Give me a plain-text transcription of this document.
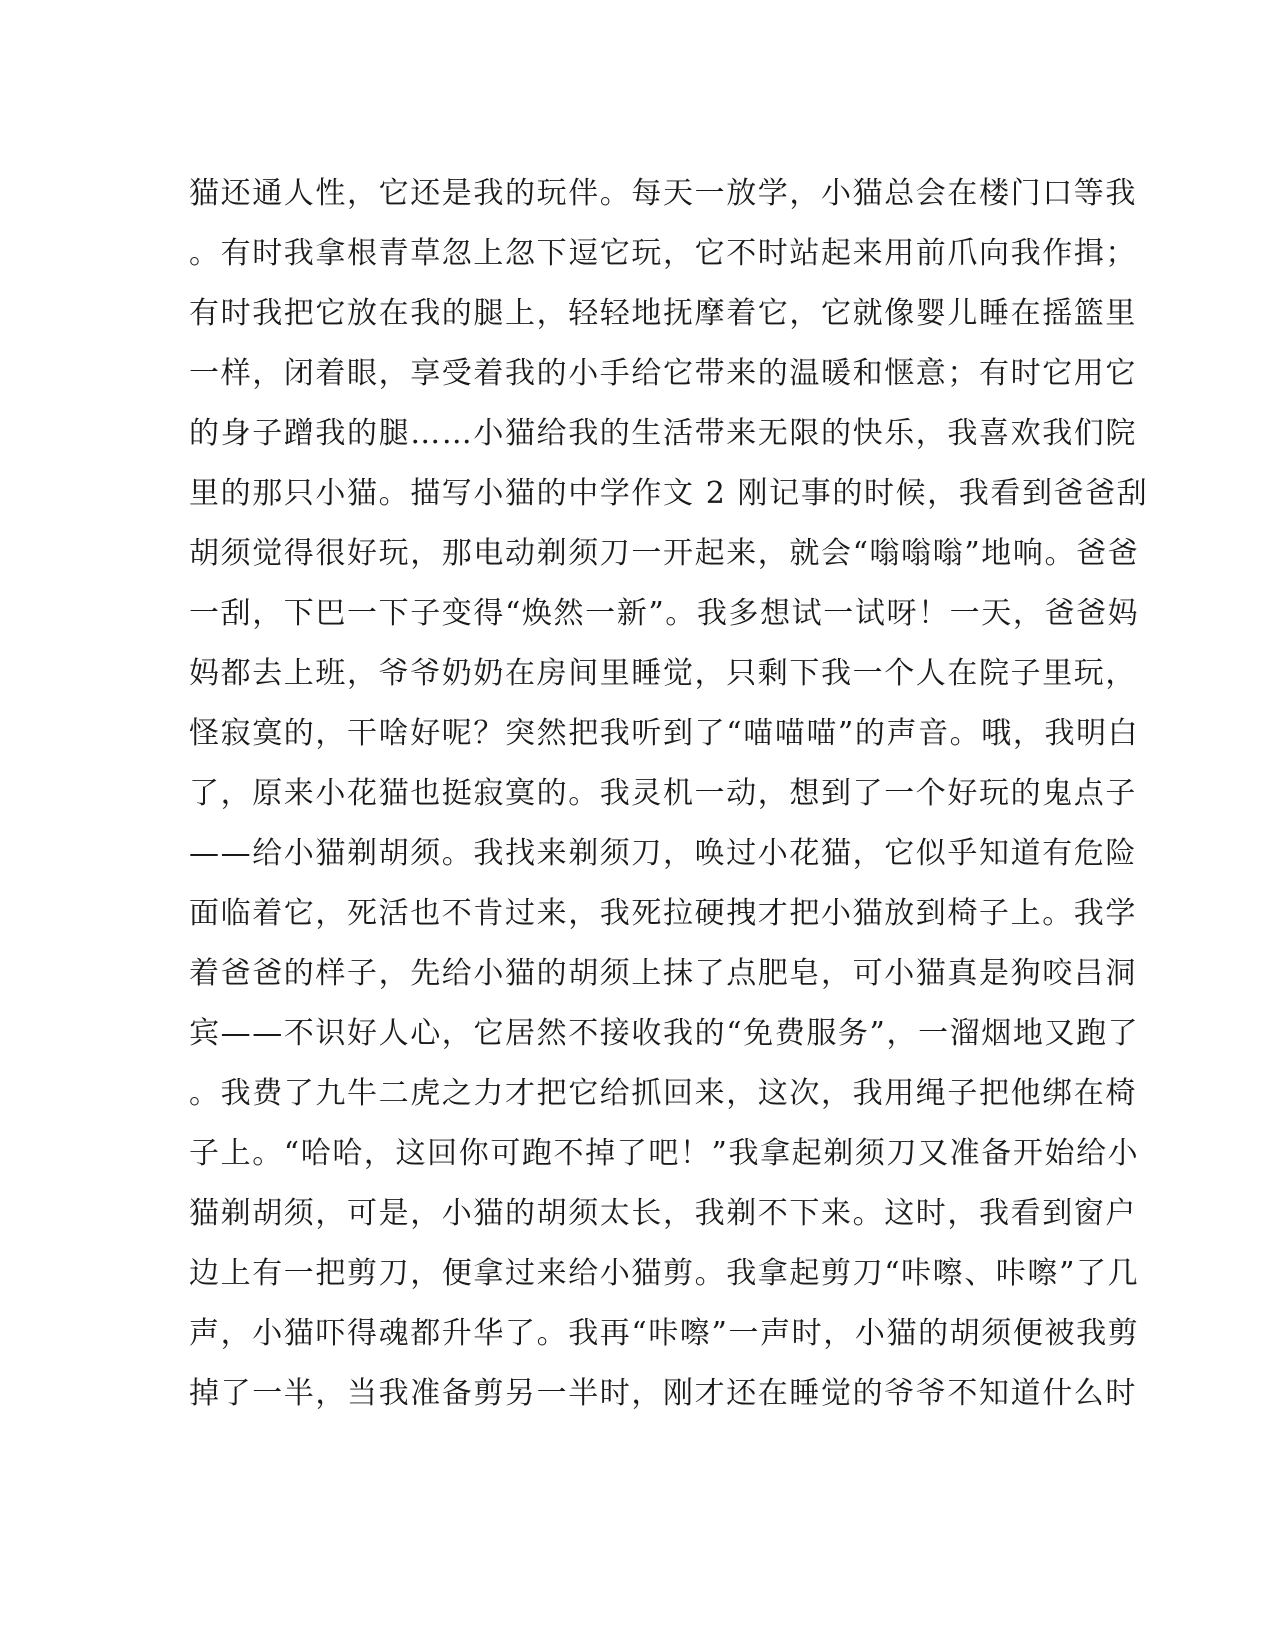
猫还通人性，它还是我的玩伴。每天一放学，小猫总会在楼门口等我
。有时我拿根青草忽上忽下逗它玩，它不时站起来用前爪向我作揖；
有时我把它放在我的腿上，轻轻地抚摩着它，它就像婴儿睡在摇篮里
一样，闭着眼，享受着我的小手给它带来的温暖和惬意；有时它用它
的身子蹭我的腿……小猫给我的生活带来无限的快乐，我喜欢我们院
里的那只小猫。描写小猫的中学作文 2 刚记事的时候，我看到爸爸刮
胡须觉得很好玩，那电动剃须刀一开起来，就会“嗡嗡嗡”地响。爸爸
一刮，下巴一下子变得“焕然一新”。我多想试一试呀！一天，爸爸妈
妈都去上班，爷爷奶奶在房间里睡觉，只剩下我一个人在院子里玩，
怪寂寞的，干啥好呢？突然把我听到了“喵喵喵”的声音。哦，我明白
了，原来小花猫也挺寂寞的。我灵机一动，想到了一个好玩的鬼点子
——给小猫剃胡须。我找来剃须刀，唤过小花猫，它似乎知道有危险
面临着它，死活也不肯过来，我死拉硬拽才把小猫放到椅子上。我学
着爸爸的样子，先给小猫的胡须上抹了点肥皂，可小猫真是狗咬吕洞
宾——不识好人心，它居然不接收我的“免费服务”，一溜烟地又跑了
。我费了九牛二虎之力才把它给抓回来，这次，我用绳子把他绑在椅
子上。“哈哈，这回你可跑不掉了吧！”我拿起剃须刀又准备开始给小
猫剃胡须，可是，小猫的胡须太长，我剃不下来。这时，我看到窗户
边上有一把剪刀，便拿过来给小猫剪。我拿起剪刀“咔嚓、咔嚓”了几
声，小猫吓得魂都升华了。我再“咔嚓”一声时，小猫的胡须便被我剪
掉了一半，当我准备剪另一半时，刚才还在睡觉的爷爷不知道什么时
